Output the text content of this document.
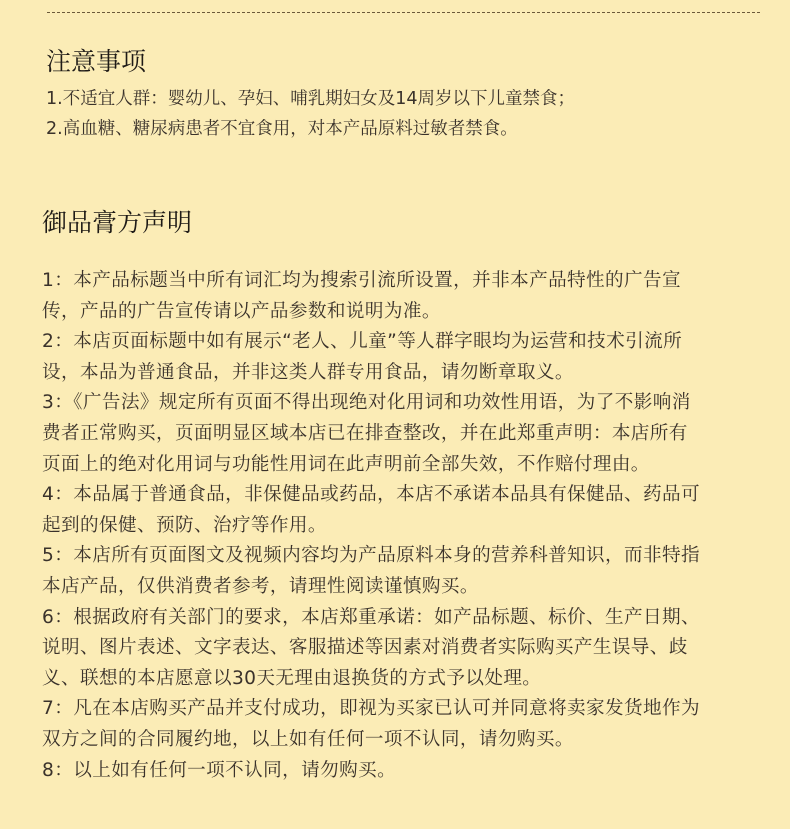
注意事项
1.不适宜人群：婴幼儿、孕妇、哺乳期妇女及14周岁以下儿童禁食；
2.高血糖、糖尿病患者不宜食用，对本产品原料过敏者禁食。
御品膏方声明
1：本产品标题当中所有词汇均为搜索引流所设置，并非本产品特性的广告宣
传，产品的广告宣传请以产品参数和说明为准。
2：本店页面标题中如有展示“老人、儿童”等人群字眼均为运营和技术引流所
设，本品为普通食品，并非这类人群专用食品，请勿断章取义。
3：《广告法》规定所有页面不得出现绝对化用词和功效性用语，为了不影响消
费者正常购买，页面明显区域本店已在排查整改，并在此郑重声明：本店所有
页面上的绝对化用词与功能性用词在此声明前全部失效，不作赔付理由。
4：本品属于普通食品，非保健品或药品，本店不承诺本品具有保健品、药品可
起到的保健、预防、治疗等作用。
5：本店所有页面图文及视频内容均为产品原料本身的营养科普知识，而非特指
本店产品，仅供消费者参考，请理性阅读谨慎购买。
6：根据政府有关部门的要求，本店郑重承诺：如产品标题、标价、生产日期、
说明、图片表述、文字表达、客服描述等因素对消费者实际购买产生误导、歧
义、联想的本店愿意以30天无理由退换货的方式予以处理。
7：凡在本店购买产品并支付成功，即视为买家已认可并同意将卖家发货地作为
双方之间的合同履约地，以上如有任何一项不认同，请勿购买。
8：以上如有任何一项不认同，请勿购买。
